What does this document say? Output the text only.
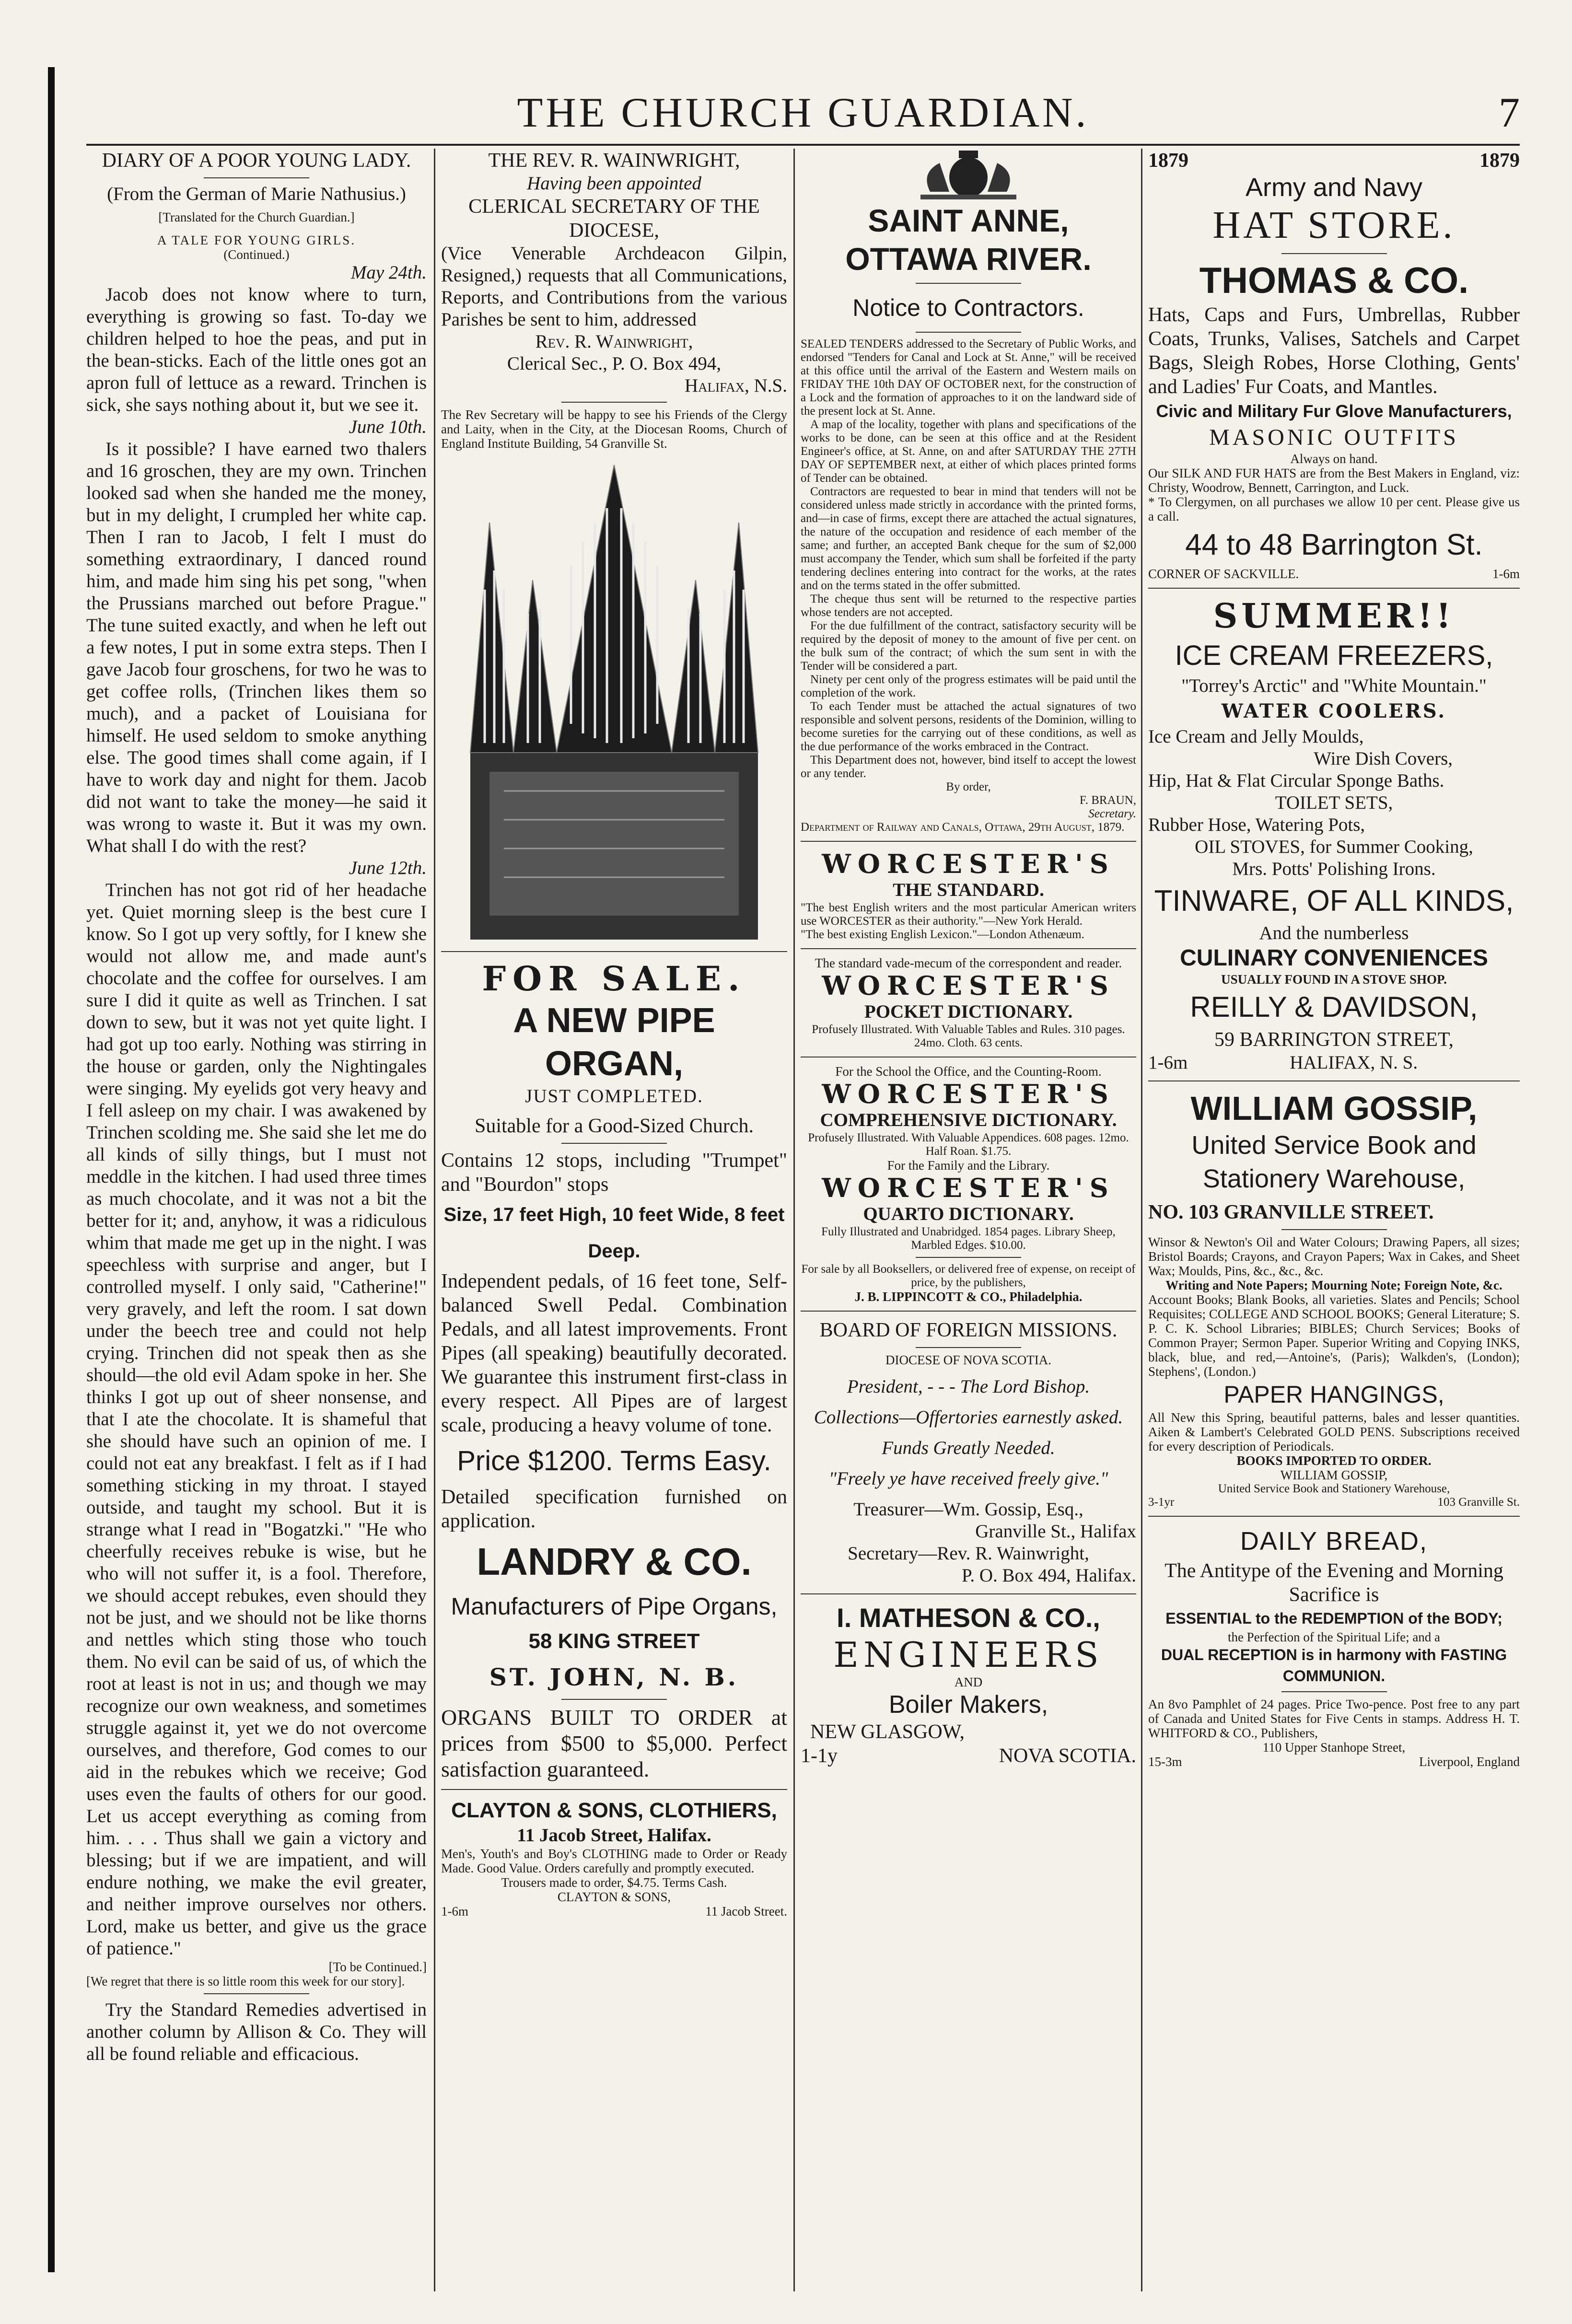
THE CHURCH GUARDIAN.	7

DIARY OF A POOR YOUNG LADY.

(From the German of Marie Nathusius.)

[Translated for the Church Guardian.]

A TALE FOR YOUNG GIRLS.

(Continued.)

May 24th.

Jacob does not know where to turn, everything is growing so fast. To-day we children helped to hoe the peas, and put in the bean-sticks. Each of the little ones got an apron full of lettuce as a reward. Trinchen is sick, she says nothing about it, but we see it.

June 10th.

Is it possible? I have earned two thalers and 16 groschen, they are my own. Trinchen looked sad when she handed me the money, but in my delight, I crumpled her white cap. Then I ran to Jacob, I felt I must do something extraordinary, I danced round him, and made him sing his pet song, "when the Prussians marched out before Prague." The tune suited exactly, and when he left out a few notes, I put in some extra steps. Then I gave Jacob four groschens, for two he was to get coffee rolls, (Trinchen likes them so much), and a packet of Louisiana for himself. He used seldom to smoke anything else. The good times shall come again, if I have to work day and night for them. Jacob did not want to take the money—he said it was wrong to waste it. But it was my own. What shall I do with the rest?

June 12th.

Trinchen has not got rid of her headache yet. Quiet morning sleep is the best cure I know. So I got up very softly, for I knew she would not allow me, and made aunt's chocolate and the coffee for ourselves. I am sure I did it quite as well as Trinchen. I sat down to sew, but it was not yet quite light. I had got up too early. Nothing was stirring in the house or garden, only the Nightingales were singing. My eyelids got very heavy and I fell asleep on my chair. I was awakened by Trinchen scolding me. She said she let me do all kinds of silly things, but I must not meddle in the kitchen. I had used three times as much chocolate, and it was not a bit the better for it; and, anyhow, it was a ridiculous whim that made me get up in the night. I was speechless with surprise and anger, but I controlled myself. I only said, "Catherine!" very gravely, and left the room. I sat down under the beech tree and could not help crying. Trinchen did not speak then as she should—the old evil Adam spoke in her. She thinks I got up out of sheer nonsense, and that I ate the chocolate. It is shameful that she should have such an opinion of me. I could not eat any breakfast. I felt as if I had something sticking in my throat. I stayed outside, and taught my school. But it is strange what I read in "Bogatzki." "He who cheerfully receives rebuke is wise, but he who will not suffer it, is a fool. Therefore, we should accept rebukes, even should they not be just, and we should not be like thorns and nettles which sting those who touch them. No evil can be said of us, of which the root at least is not in us; and though we may recognize our own weakness, and sometimes struggle against it, yet we do not overcome ourselves, and therefore, God comes to our aid in the rebukes which we receive; God uses even the faults of others for our good. Let us accept everything as coming from him. . . . Thus shall we gain a victory and blessing; but if we are impatient, and will endure nothing, we make the evil greater, and neither improve ourselves nor others. Lord, make us better, and give us the grace of patience."

[To be Continued.]

[We regret that there is so little room this week for our story].

Try the Standard Remedies advertised in another column by Allison & Co. They will all be found reliable and efficacious.

THE REV. R. WAINWRIGHT,

Having been appointed

CLERICAL SECRETARY OF THE DIOCESE,

(Vice Venerable Archdeacon Gilpin, Resigned,) requests that all Communications, Reports, and Contributions from the various Parishes be sent to him, addressed

Rev. R. Wainwright,

Clerical Sec., P. O. Box 494,

Halifax, N.S.

The Rev Secretary will be happy to see his Friends of the Clergy and Laity, when in the City, at the Diocesan Rooms, Church of England Institute Building, 54 Granville St.

FOR SALE.

A NEW PIPE ORGAN,

JUST COMPLETED.

Suitable for a Good-Sized Church.

Contains 12 stops, including "Trumpet" and "Bourdon" stops

Size, 17 feet High, 10 feet Wide, 8 feet Deep.

Independent pedals, of 16 feet tone, Self-balanced Swell Pedal. Combination Pedals, and all latest improvements. Front Pipes (all speaking) beautifully decorated. We guarantee this instrument first-class in every respect. All Pipes are of largest scale, producing a heavy volume of tone.

Price $1200. Terms Easy.

Detailed specification furnished on application.

LANDRY & CO.

Manufacturers of Pipe Organs,

58 KING STREET

ST. JOHN, N. B.

ORGANS BUILT TO ORDER at prices from $500 to $5,000. Perfect satisfaction guaranteed.

CLAYTON & SONS, CLOTHIERS,

11 Jacob Street, Halifax.

Men's, Youth's and Boy's CLOTHING made to Order or Ready Made. Good Value. Orders carefully and promptly executed.

Trousers made to order, $4.75. Terms Cash.

CLAYTON & SONS,

1-6m	11 Jacob Street.

SAINT ANNE, OTTAWA RIVER.

Notice to Contractors.

SEALED TENDERS addressed to the Secretary of Public Works, and endorsed "Tenders for Canal and Lock at St. Anne," will be received at this office until the arrival of the Eastern and Western mails on FRIDAY THE 10th DAY OF OCTOBER next, for the construction of a Lock and the formation of approaches to it on the landward side of the present lock at St. Anne.

A map of the locality, together with plans and specifications of the works to be done, can be seen at this office and at the Resident Engineer's office, at St. Anne, on and after SATURDAY THE 27TH DAY OF SEPTEMBER next, at either of which places printed forms of Tender can be obtained.

Contractors are requested to bear in mind that tenders will not be considered unless made strictly in accordance with the printed forms, and—in case of firms, except there are attached the actual signatures, the nature of the occupation and residence of each member of the same; and further, an accepted Bank cheque for the sum of $2,000 must accompany the Tender, which sum shall be forfeited if the party tendering declines entering into contract for the works, at the rates and on the terms stated in the offer submitted.

The cheque thus sent will be returned to the respective parties whose tenders are not accepted.

For the due fulfillment of the contract, satisfactory security will be required by the deposit of money to the amount of five per cent. on the bulk sum of the contract; of which the sum sent in with the Tender will be considered a part.

Ninety per cent only of the progress estimates will be paid until the completion of the work.

To each Tender must be attached the actual signatures of two responsible and solvent persons, residents of the Dominion, willing to become sureties for the carrying out of these conditions, as well as the due performance of the works embraced in the Contract.

This Department does not, however, bind itself to accept the lowest or any tender.

By order,

F. BRAUN,

Secretary.

Department of Railway and Canals, Ottawa, 29th August, 1879.

WORCESTER'S

THE STANDARD.

"The best English writers and the most particular American writers use WORCESTER as their authority."—New York Herald.

"The best existing English Lexicon."—London Athenæum.

The standard vade-mecum of the correspondent and reader.

WORCESTER'S

POCKET DICTIONARY.

Profusely Illustrated. With Valuable Tables and Rules. 310 pages. 24mo. Cloth. 63 cents.

For the School the Office, and the Counting-Room.

WORCESTER'S

COMPREHENSIVE DICTIONARY.

Profusely Illustrated. With Valuable Appendices. 608 pages. 12mo. Half Roan. $1.75.

For the Family and the Library.

WORCESTER'S

QUARTO DICTIONARY.

Fully Illustrated and Unabridged. 1854 pages. Library Sheep, Marbled Edges. $10.00.

For sale by all Booksellers, or delivered free of expense, on receipt of price, by the publishers,

J. B. LIPPINCOTT & CO., Philadelphia.

BOARD OF FOREIGN MISSIONS.

DIOCESE OF NOVA SCOTIA.

President, - - - The Lord Bishop.

Collections—Offertories earnestly asked.

Funds Greatly Needed.

"Freely ye have received freely give."

Treasurer—Wm. Gossip, Esq.,

Granville St., Halifax

Secretary—Rev. R. Wainwright,

P. O. Box 494, Halifax.

I. MATHESON & CO.,

ENGINEERS

AND

Boiler Makers,

NEW GLASGOW,

1-1y	NOVA SCOTIA.
1879	1879

Army and Navy

HAT STORE.

THOMAS & CO.

Hats, Caps and Furs, Umbrellas, Rubber Coats, Trunks, Valises, Satchels and Carpet Bags, Sleigh Robes, Horse Clothing, Gents' and Ladies' Fur Coats, and Mantles.

Civic and Military Fur Glove Manufacturers,

MASONIC OUTFITS

Always on hand.

Our SILK AND FUR HATS are from the Best Makers in England, viz: Christy, Woodrow, Bennett, Carrington, and Luck.

* To Clergymen, on all purchases we allow 10 per cent. Please give us a call.

44 to 48 Barrington St.

CORNER OF SACKVILLE.	1-6m

SUMMER!!

ICE CREAM FREEZERS,

"Torrey's Arctic" and "White Mountain."

WATER COOLERS.

Ice Cream and Jelly Moulds,

Wire Dish Covers,

Hip, Hat & Flat Circular Sponge Baths.

TOILET SETS,

Rubber Hose, Watering Pots,

OIL STOVES, for Summer Cooking,

Mrs. Potts' Polishing Irons.

TINWARE, OF ALL KINDS,

And the numberless

CULINARY CONVENIENCES

USUALLY FOUND IN A STOVE SHOP.

REILLY & DAVIDSON,

59 BARRINGTON STREET,

1-6m	HALIFAX, N. S.

WILLIAM GOSSIP,

United Service Book and

Stationery Warehouse,

NO. 103 GRANVILLE STREET.

Winsor & Newton's Oil and Water Colours; Drawing Papers, all sizes; Bristol Boards; Crayons, and Crayon Papers; Wax in Cakes, and Sheet Wax; Moulds, Pins, &c., &c., &c.

Writing and Note Papers; Mourning Note; Foreign Note, &c.

Account Books; Blank Books, all varieties. Slates and Pencils; School Requisites; COLLEGE AND SCHOOL BOOKS; General Literature; S. P. C. K. School Libraries; BIBLES; Church Services; Books of Common Prayer; Sermon Paper. Superior Writing and Copying INKS, black, blue, and red,—Antoine's, (Paris); Walkden's, (London); Stephens', (London.)

PAPER HANGINGS,

All New this Spring, beautiful patterns, bales and lesser quantities. Aiken & Lambert's Celebrated GOLD PENS. Subscriptions received for every description of Periodicals.

BOOKS IMPORTED TO ORDER.

WILLIAM GOSSIP,

United Service Book and Stationery Warehouse,

3-1yr	103 Granville St.

DAILY BREAD,

The Antitype of the Evening and Morning Sacrifice is

ESSENTIAL to the REDEMPTION of the BODY;

the Perfection of the Spiritual Life; and a

DUAL RECEPTION is in harmony with FASTING COMMUNION.

An 8vo Pamphlet of 24 pages. Price Two-pence. Post free to any part of Canada and United States for Five Cents in stamps. Address H. T. WHITFORD & CO., Publishers,

110 Upper Stanhope Street,

15-3m	Liverpool, England
